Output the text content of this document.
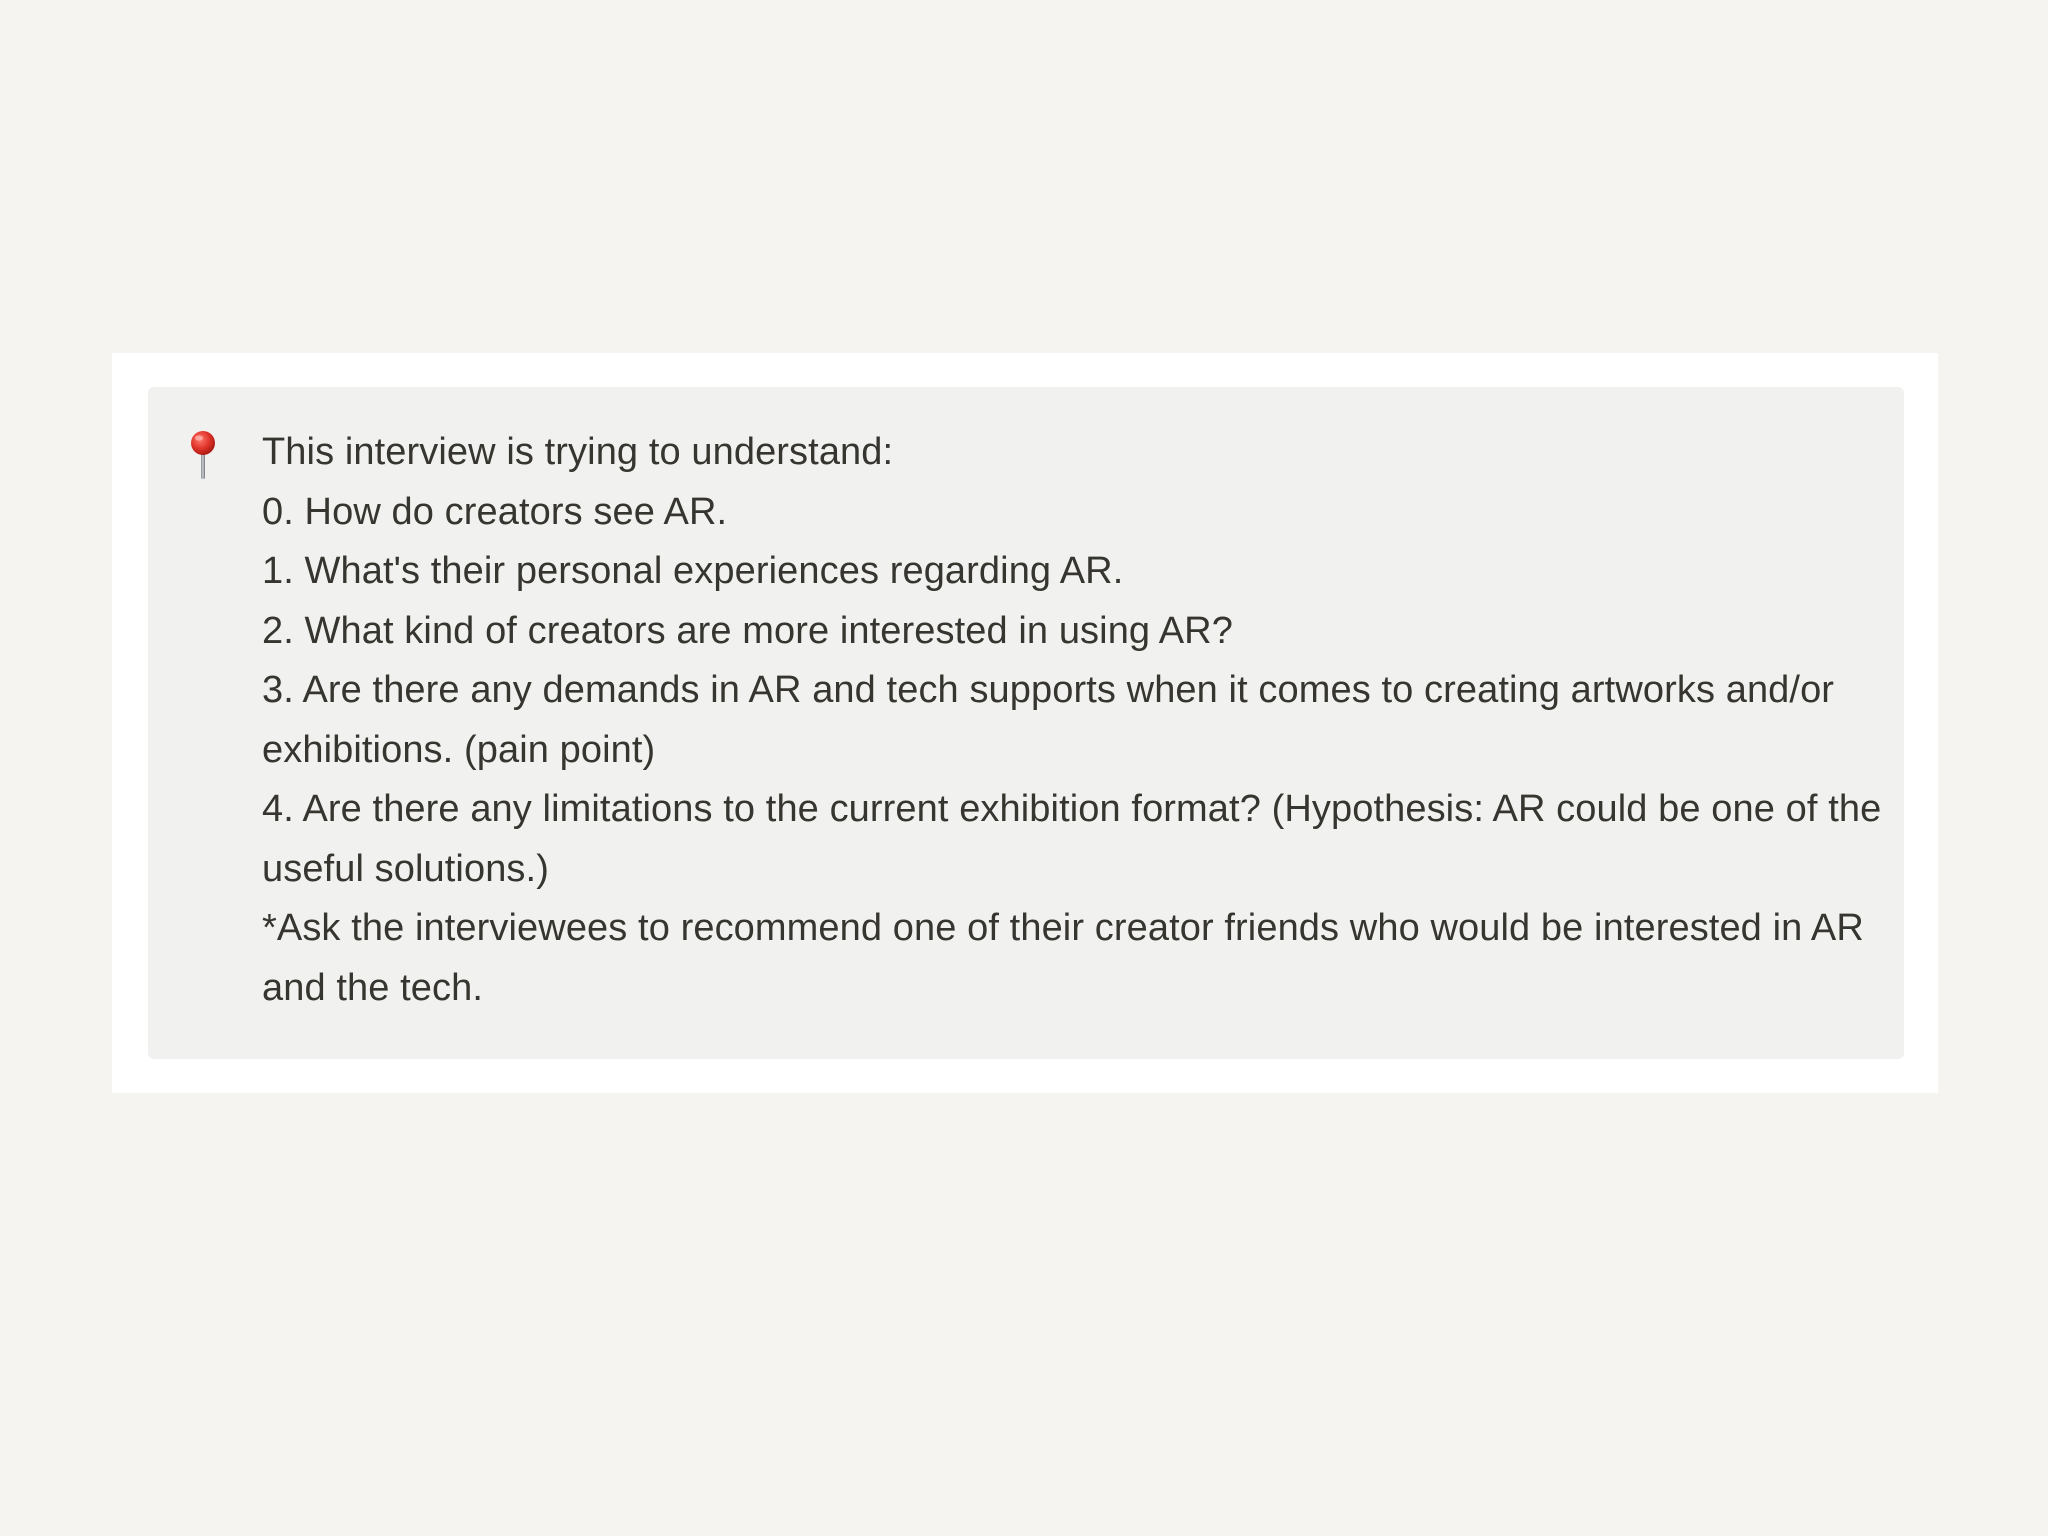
This interview is trying to understand:
0. How do creators see AR.
1. What's their personal experiences regarding AR.
2. What kind of creators are more interested in using AR?
3. Are there any demands in AR and tech supports when it comes to creating artworks and/or exhibitions. (pain point)
4. Are there any limitations to the current exhibition format? (Hypothesis: AR could be one of the useful solutions.)
*Ask the interviewees to recommend one of their creator friends who would be interested in AR and the tech.
